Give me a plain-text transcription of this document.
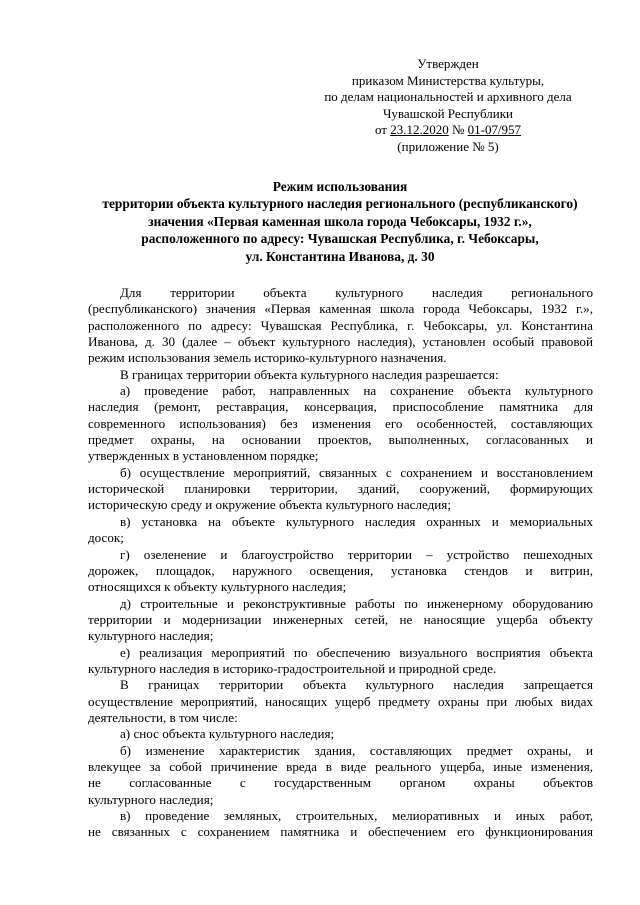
Утвержден
приказом Министерства культуры,
по делам национальностей и архивного дела
Чувашской Республики
от 23.12.2020 № 01-07/957
(приложение № 5)
Режим использования
территории объекта культурного наследия регионального (республиканского)
значения «Первая каменная школа города Чебоксары, 1932 г.»,
расположенного по адресу: Чувашская Республика, г. Чебоксары,
ул. Константина Иванова, д. 30
Для территории объекта культурного наследия регионального
(республиканского) значения «Первая каменная школа города Чебоксары, 1932 г.»,
расположенного по адресу: Чувашская Республика, г. Чебоксары, ул. Константина
Иванова, д. 30 (далее – объект культурного наследия), установлен особый правовой
режим использования земель историко-культурного назначения.
В границах территории объекта культурного наследия разрешается:
а) проведение работ, направленных на сохранение объекта культурного
наследия (ремонт, реставрация, консервация, приспособление памятника для
современного использования) без изменения его особенностей, составляющих
предмет охраны, на основании проектов, выполненных, согласованных и
утвержденных в установленном порядке;
б) осуществление мероприятий, связанных с сохранением и восстановлением
исторической планировки территории, зданий, сооружений, формирующих
историческую среду и окружение объекта культурного наследия;
в) установка на объекте культурного наследия охранных и мемориальных
досок;
г) озеленение и благоустройство территории – устройство пешеходных
дорожек, площадок, наружного освещения, установка стендов и витрин,
относящихся к объекту культурного наследия;
д) строительные и реконструктивные работы по инженерному оборудованию
территории и модернизации инженерных сетей, не наносящие ущерба объекту
культурного наследия;
е) реализация мероприятий по обеспечению визуального восприятия объекта
культурного наследия в историко-градостроительной и природной среде.
В границах территории объекта культурного наследия запрещается
осуществление мероприятий, наносящих ущерб предмету охраны при любых видах
деятельности, в том числе:
а) снос объекта культурного наследия;
б) изменение характеристик здания, составляющих предмет охраны, и
влекущее за собой причинение вреда в виде реального ущерба, иные изменения,
не согласованные с государственным органом охраны объектов
культурного наследия;
в) проведение земляных, строительных, мелиоративных и иных работ,
не связанных с сохранением памятника и обеспечением его функционирования
